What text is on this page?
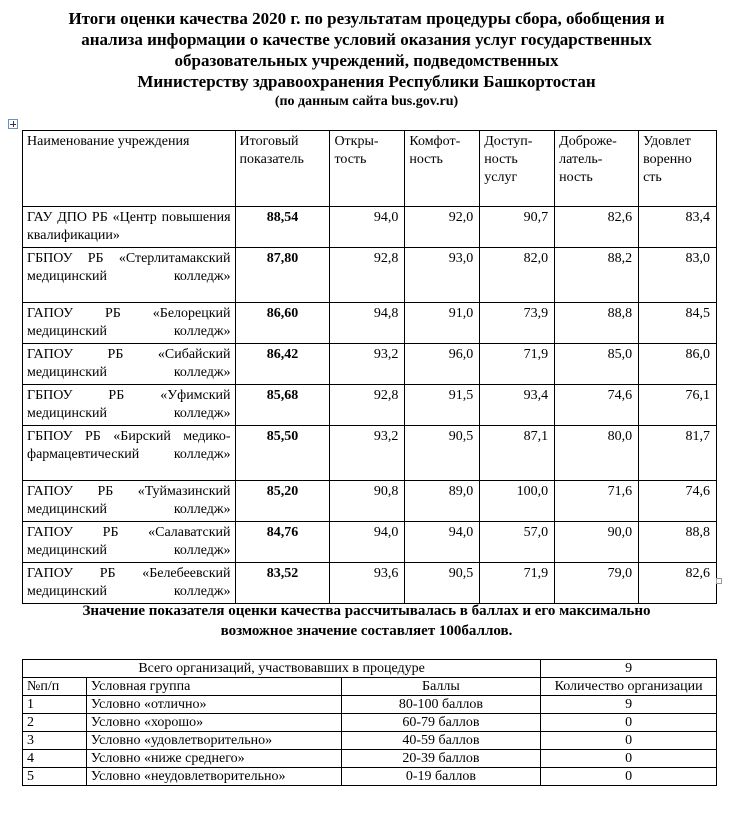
Итоги оценки качества 2020 г. по результатам процедуры сбора, обобщения и
анализа информации о качестве условий оказания услуг государственных
образовательных учреждений, подведомственных
Министерству здравоохранения Республики Башкортостан
(по данным сайта bus.gov.ru)
Наименование учреждения	Итоговый показатель	Откры-тость	Комфот-ность	Доступ-ность услуг	Доброже-латель-ность	Удовлет воренно сть
ГАУ ДПО РБ «Центр повышения квалификации»	88,54	94,0	92,0	90,7	82,6	83,4
ГБПОУ РБ «Стерлитамакский медицинский колледж»	87,80	92,8	93,0	82,0	88,2	83,0
ГАПОУ РБ «Белорецкий медицинский колледж»	86,60	94,8	91,0	73,9	88,8	84,5
ГАПОУ РБ «Сибайский медицинский колледж»	86,42	93,2	96,0	71,9	85,0	86,0
ГБПОУ РБ «Уфимский медицинский колледж»	85,68	92,8	91,5	93,4	74,6	76,1
ГБПОУ РБ «Бирский медико-фармацевтический колледж»	85,50	93,2	90,5	87,1	80,0	81,7
ГАПОУ РБ «Туймазинский медицинский колледж»	85,20	90,8	89,0	100,0	71,6	74,6
ГАПОУ РБ «Салаватский медицинский колледж»	84,76	94,0	94,0	57,0	90,0	88,8
ГАПОУ РБ «Белебеевский медицинский колледж»	83,52	93,6	90,5	71,9	79,0	82,6
Значение показателя оценки качества рассчитывалась в баллах и его максимально
возможное значение составляет 100баллов.
Всего организаций, участвовавших в процедуре			9
№п/п	Условная группа	Баллы	Количество организации
1	Условно «отлично»	80-100 баллов	9
2	Условно «хорошо»	60-79 баллов	0
3	Условно «удовлетворительно»	40-59 баллов	0
4	Условно «ниже среднего»	20-39 баллов	0
5	Условно «неудовлетворительно»	0-19 баллов	0
